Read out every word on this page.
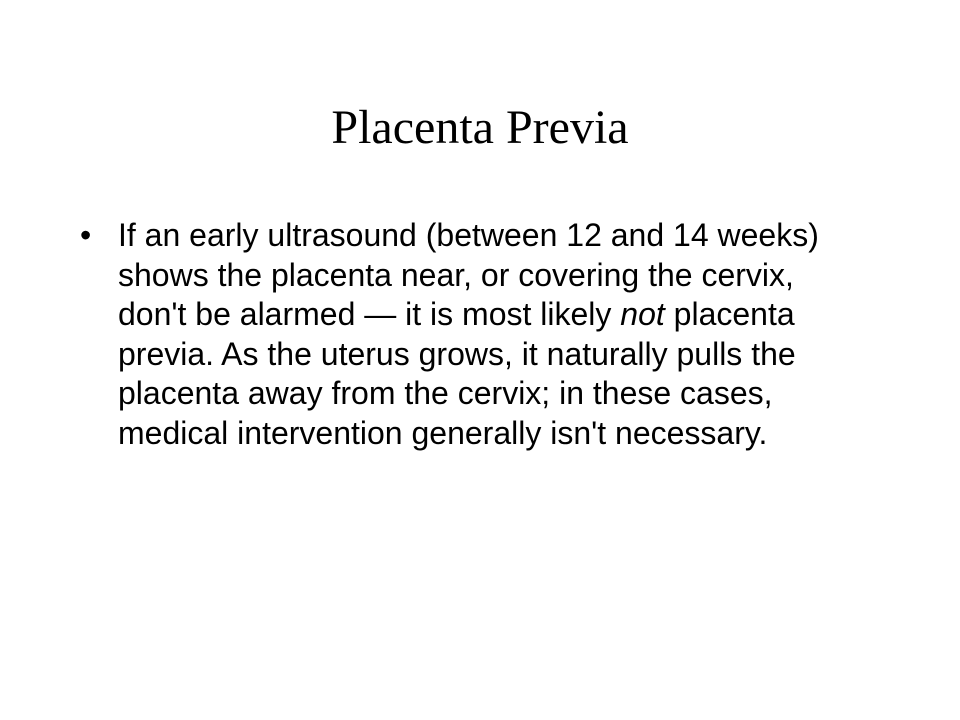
Placenta Previa
• If an early ultrasound (between 12 and 14 weeks) shows the placenta near, or covering the cervix, don't be alarmed — it is most likely not placenta previa. As the uterus grows, it naturally pulls the placenta away from the cervix; in these cases, medical intervention generally isn't necessary.
